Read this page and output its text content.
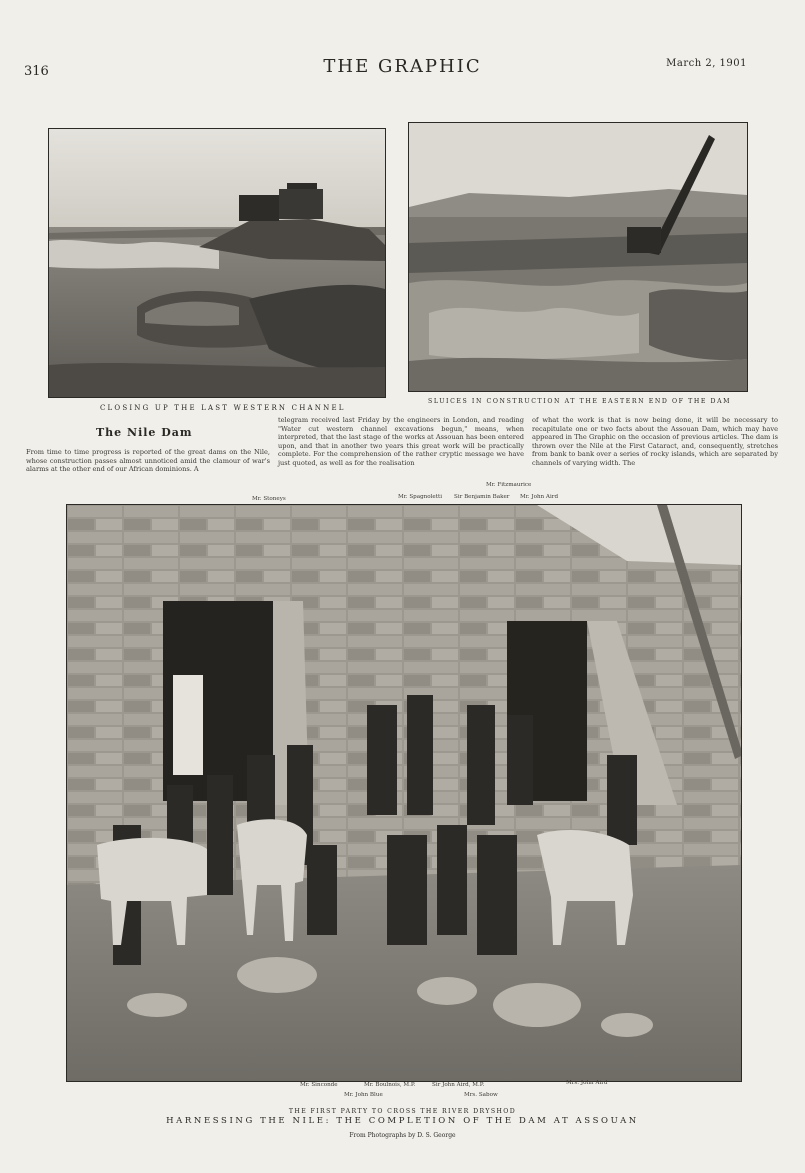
316	THE GRAPHIC	March 2, 1901
CLOSING UP THE LAST WESTERN CHANNEL
SLUICES IN CONSTRUCTION AT THE EASTERN END OF THE DAM
The Nile Dam
From time to time progress is reported of the great dams on the Nile, whose construction passes almost unnoticed amid the clamour of war's alarms at the other end of our African dominions. A
telegram received last Friday by the engineers in London, and reading "Water cut western channel excavations begun," means, when interpreted, that the last stage of the works at Assouan has been entered upon, and that in another two years this great work will be practically complete. For the comprehension of the rather cryptic message we have just quoted, as well as for the realisation
of what the work is that is now being done, it will be necessary to recapitulate one or two facts about the Assouan Dam, which may have appeared in The Graphic on the occasion of previous articles. The dam is thrown over the Nile at the First Cataract, and, consequently, stretches from bank to bank over a series of rocky islands, which are separated by channels of varying width. The
Mr. Stoneys
Mr. Fitzmaurice
Mr. Spagnoletti Sir Benjamin Baker Mr. John Aird
Mr. Sinconde	Mr. Boulnois, M.P.	Sir John Aird, M.P.	Mrs. John Aird
Mr. John Blue	Mrs. Sabow
THE FIRST PARTY TO CROSS THE RIVER DRYSHOD
HARNESSING THE NILE: THE COMPLETION OF THE DAM AT ASSOUAN
From Photographs by D. S. George
